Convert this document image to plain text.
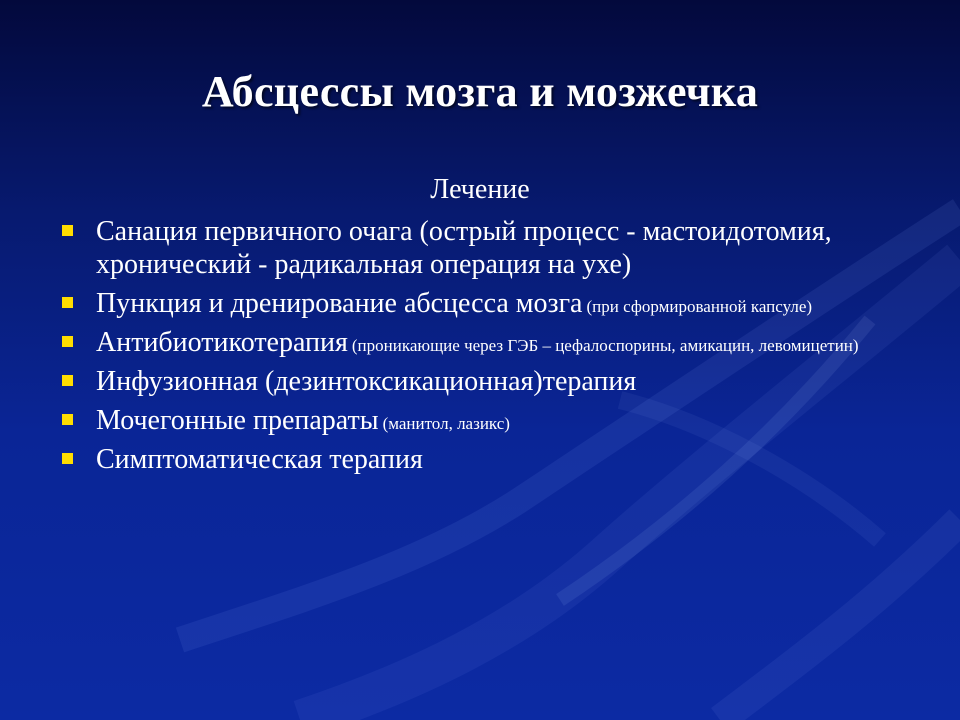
Абсцессы мозга и мозжечка
Лечение
Санация первичного очага (острый процесс - мастоидотомия, хронический - радикальная операция на ухе)
Пункция и дренирование абсцесса мозга (при сформированной капсуле)
Антибиотикотерапия (проникающие через ГЭБ – цефалоспорины, амикацин, левомицетин)
Инфузионная (дезинтоксикационная)терапия
Мочегонные препараты (манитол, лазикс)
Симптоматическая терапия
